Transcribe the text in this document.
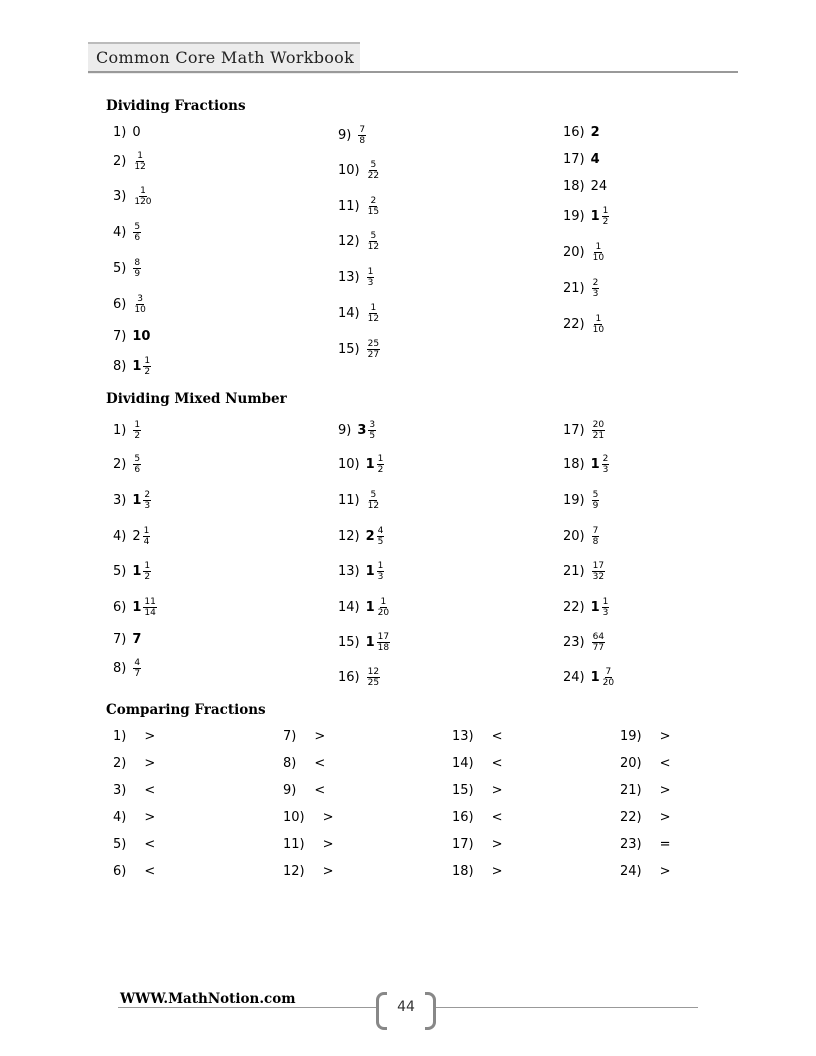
Common Core Math Workbook
Dividing Fractions
1) 0
$2) \frac{1}{12}$
$3) \frac{1}{120}$
$4) \frac{5}{6}$
$5) \frac{8}{9}$
$6) \frac{3}{10}$
7) 10
8) $1 \frac{1}{2}$
$9) \frac{7}{8}$
$10) \frac{5}{22}$
$11) \frac{2}{15}$
$12) \frac{5}{12}$
$13) \frac{1}{3}$
$14) \frac{1}{12}$
$15) \frac{25}{27}$
16) 2
17) 4
18) 24
19) $1 \frac{1}{2}$
$20) \frac{1}{10}$
$21) \frac{2}{3}$
$22) \frac{1}{10}$
Dividing Mixed Number
$1) \frac{1}{2}$
$2) \frac{5}{6}$
3) $1 \frac{2}{3}$
4) $2 \frac{1}{4}$
5) $1 \frac{1}{2}$
6) $1 \frac{11}{14}$
7) 7
$8) \frac{4}{7}$
9) $3 \frac{3}{5}$
10) $1 \frac{1}{2}$
$11) \frac{5}{12}$
12) $2 \frac{4}{5}$
13) $1 \frac{1}{3}$
14) $1 \frac{1}{20}$
15) $1 \frac{17}{18}$
$16) \frac{12}{25}$
$17) \frac{20}{21}$
18) $1 \frac{2}{3}$
$19) \frac{5}{9}$
$20) \frac{7}{8}$
$21) \frac{17}{32}$
22) $1 \frac{1}{3}$
$23) \frac{64}{77}$
24) $1 \frac{7}{20}$
Comparing Fractions
1) >
2) >
3) <
4) >
5) <
6) <
7) >
8) <
9) <
10) >
11) >
12) >
13) <
14) <
15) >
16) <
17) >
18) >
19) >
20) <
21) >
22) >
23) =
24) >
WWW.MathNotion.com	44
